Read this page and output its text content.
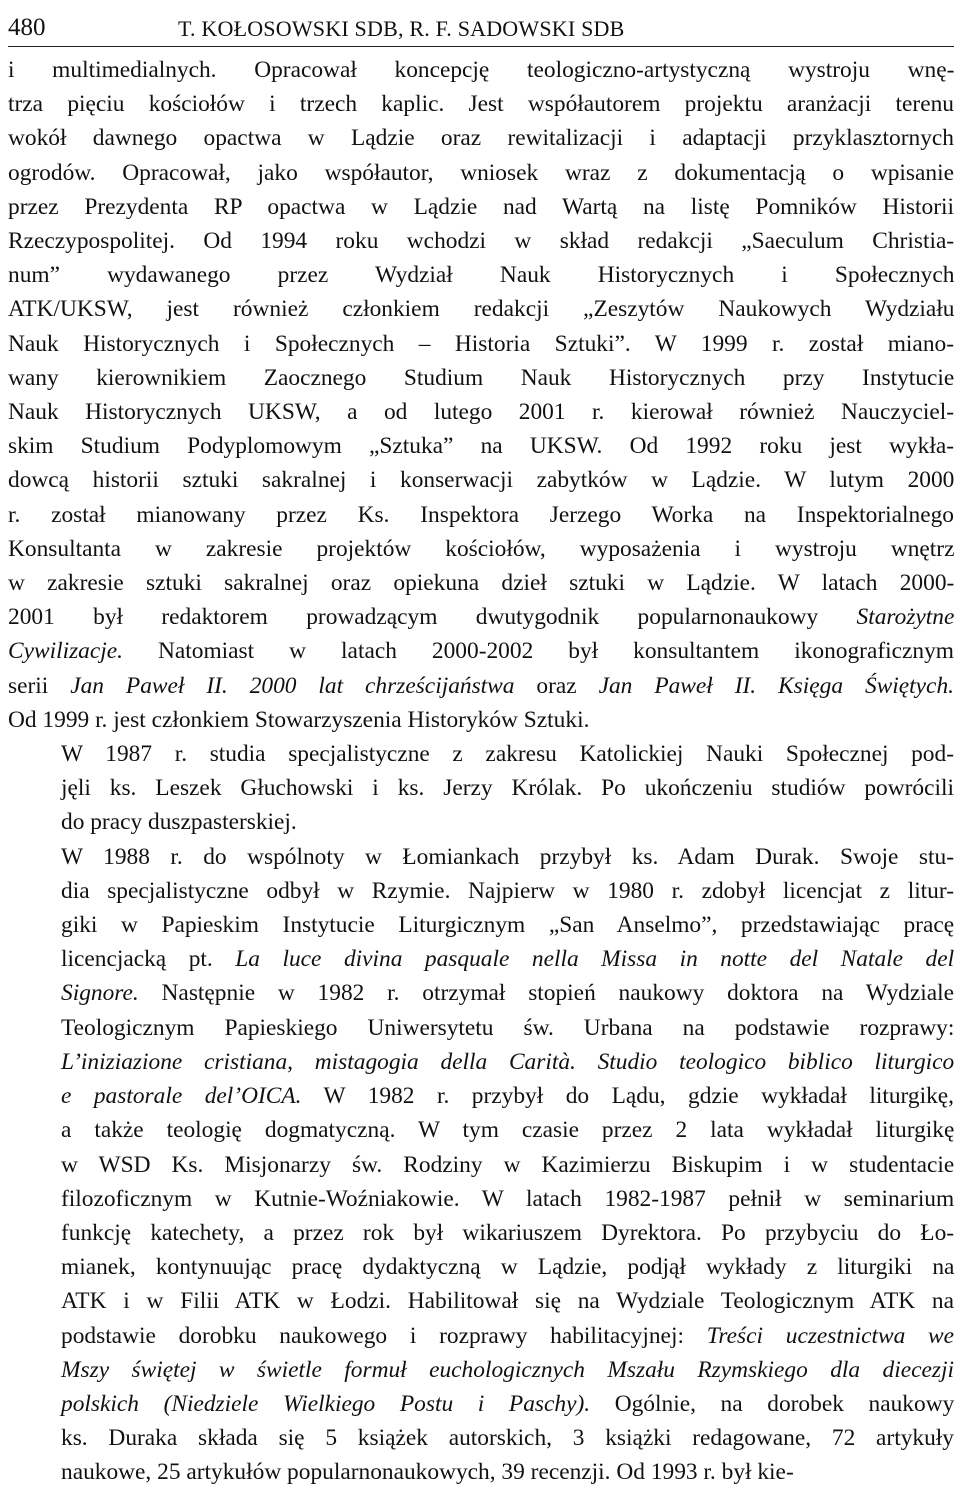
480	T. KOŁOSOWSKI SDB, R. F. SADOWSKI SDB

i multimedialnych. Opracował koncepcję teologiczno-artystyczną wystroju wnę-
trza pięciu kościołów i trzech kaplic. Jest współautorem projektu aranżacji terenu
wokół dawnego opactwa w Lądzie oraz rewitalizacji i adaptacji przyklasztornych
ogrodów. Opracował, jako współautor, wniosek wraz z dokumentacją o wpisanie
przez Prezydenta RP opactwa w Lądzie nad Wartą na listę Pomników Historii
Rzeczypospolitej. Od 1994 roku wchodzi w skład redakcji „Saeculum Christia-
num” wydawanego przez Wydział Nauk Historycznych i Społecznych
ATK/UKSW, jest również członkiem redakcji „Zeszytów Naukowych Wydziału
Nauk Historycznych i Społecznych – Historia Sztuki”. W 1999 r. został miano-
wany kierownikiem Zaocznego Studium Nauk Historycznych przy Instytucie
Nauk Historycznych UKSW, a od lutego 2001 r. kierował również Nauczyciel-
skim Studium Podyplomowym „Sztuka” na UKSW. Od 1992 roku jest wykła-
dowcą historii sztuki sakralnej i konserwacji zabytków w Lądzie. W lutym 2000
r. został mianowany przez Ks. Inspektora Jerzego Worka na Inspektorialnego
Konsultanta w zakresie projektów kościołów, wyposażenia i wystroju wnętrz
w zakresie sztuki sakralnej oraz opiekuna dzieł sztuki w Lądzie. W latach 2000-
2001 był redaktorem prowadzącym dwutygodnik popularnonaukowy Starożytne
Cywilizacje. Natomiast w latach 2000-2002 był konsultantem ikonograficznym
serii Jan Paweł II. 2000 lat chrześcijaństwa oraz Jan Paweł II. Księga Świętych.
Od 1999 r. jest członkiem Stowarzyszenia Historyków Sztuki.

W 1987 r. studia specjalistyczne z zakresu Katolickiej Nauki Społecznej pod-
jęli ks. Leszek Głuchowski i ks. Jerzy Królak. Po ukończeniu studiów powrócili
do pracy duszpasterskiej.

W 1988 r. do wspólnoty w Łomiankach przybył ks. Adam Durak. Swoje stu-
dia specjalistyczne odbył w Rzymie. Najpierw w 1980 r. zdobył licencjat z litur-
giki w Papieskim Instytucie Liturgicznym „San Anselmo”, przedstawiając pracę
licencjacką pt. La luce divina pasquale nella Missa in notte del Natale del
Signore. Następnie w 1982 r. otrzymał stopień naukowy doktora na Wydziale
Teologicznym Papieskiego Uniwersytetu św. Urbana na podstawie rozprawy:
L’iniziazione cristiana, mistagogia della Carità. Studio teologico biblico liturgico
e pastorale del’OICA. W 1982 r. przybył do Lądu, gdzie wykładał liturgikę,
a także teologię dogmatyczną. W tym czasie przez 2 lata wykładał liturgikę
w WSD Ks. Misjonarzy św. Rodziny w Kazimierzu Biskupim i w studentacie
filozoficznym w Kutnie-Woźniakowie. W latach 1982-1987 pełnił w seminarium
funkcję katechety, a przez rok był wikariuszem Dyrektora. Po przybyciu do Ło-
mianek, kontynuując pracę dydaktyczną w Lądzie, podjął wykłady z liturgiki na
ATK i w Filii ATK w Łodzi. Habilitował się na Wydziale Teologicznym ATK na
podstawie dorobku naukowego i rozprawy habilitacyjnej: Treści uczestnictwa we
Mszy świętej w świetle formuł euchologicznych Mszału Rzymskiego dla diecezji
polskich (Niedziele Wielkiego Postu i Paschy). Ogólnie, na dorobek naukowy
ks. Duraka składa się 5 książek autorskich, 3 książki redagowane, 72 artykuły
naukowe, 25 artykułów popularnonaukowych, 39 recenzji. Od 1993 r. był kie-
